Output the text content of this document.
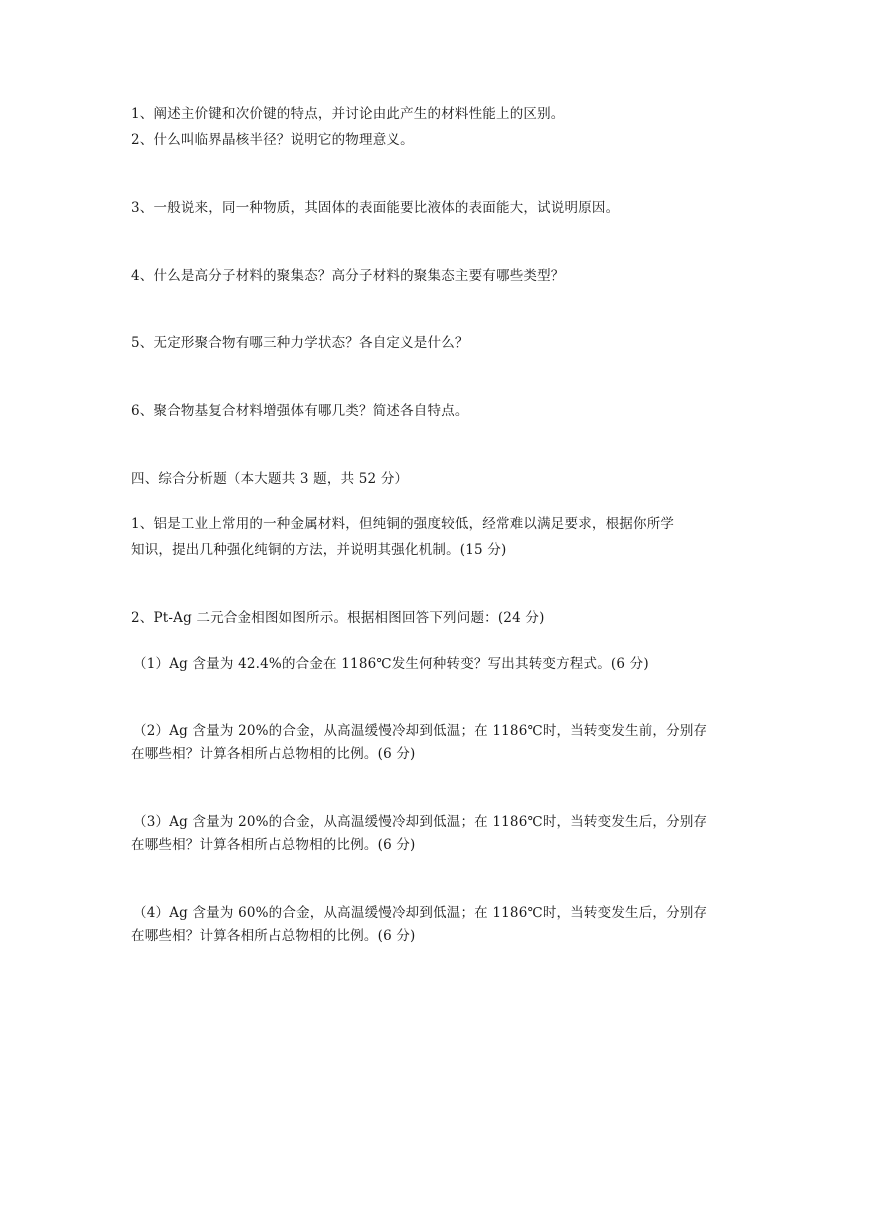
1、阐述主价键和次价键的特点，并讨论由此产生的材料性能上的区别。
2、什么叫临界晶核半径？说明它的物理意义。
3、一般说来，同一种物质，其固体的表面能要比液体的表面能大，试说明原因。
4、什么是高分子材料的聚集态？高分子材料的聚集态主要有哪些类型？
5、无定形聚合物有哪三种力学状态？各自定义是什么？
6、聚合物基复合材料增强体有哪几类？简述各自特点。
四、综合分析题（本大题共 3 题，共 52 分）
1、铝是工业上常用的一种金属材料，但纯铜的强度较低，经常难以满足要求，根据你所学
知识，提出几种强化纯铜的方法，并说明其强化机制。(15 分)
2、Pt-Ag 二元合金相图如图所示。根据相图回答下列问题：(24 分)
（1）Ag 含量为 42.4%的合金在 1186℃发生何种转变？写出其转变方程式。(6 分)
（2）Ag 含量为 20%的合金，从高温缓慢冷却到低温；在 1186℃时，当转变发生前，分别存
在哪些相？计算各相所占总物相的比例。(6 分)
（3）Ag 含量为 20%的合金，从高温缓慢冷却到低温；在 1186℃时，当转变发生后，分别存
在哪些相？计算各相所占总物相的比例。(6 分)
（4）Ag 含量为 60%的合金，从高温缓慢冷却到低温；在 1186℃时，当转变发生后，分别存
在哪些相？计算各相所占总物相的比例。(6 分)
